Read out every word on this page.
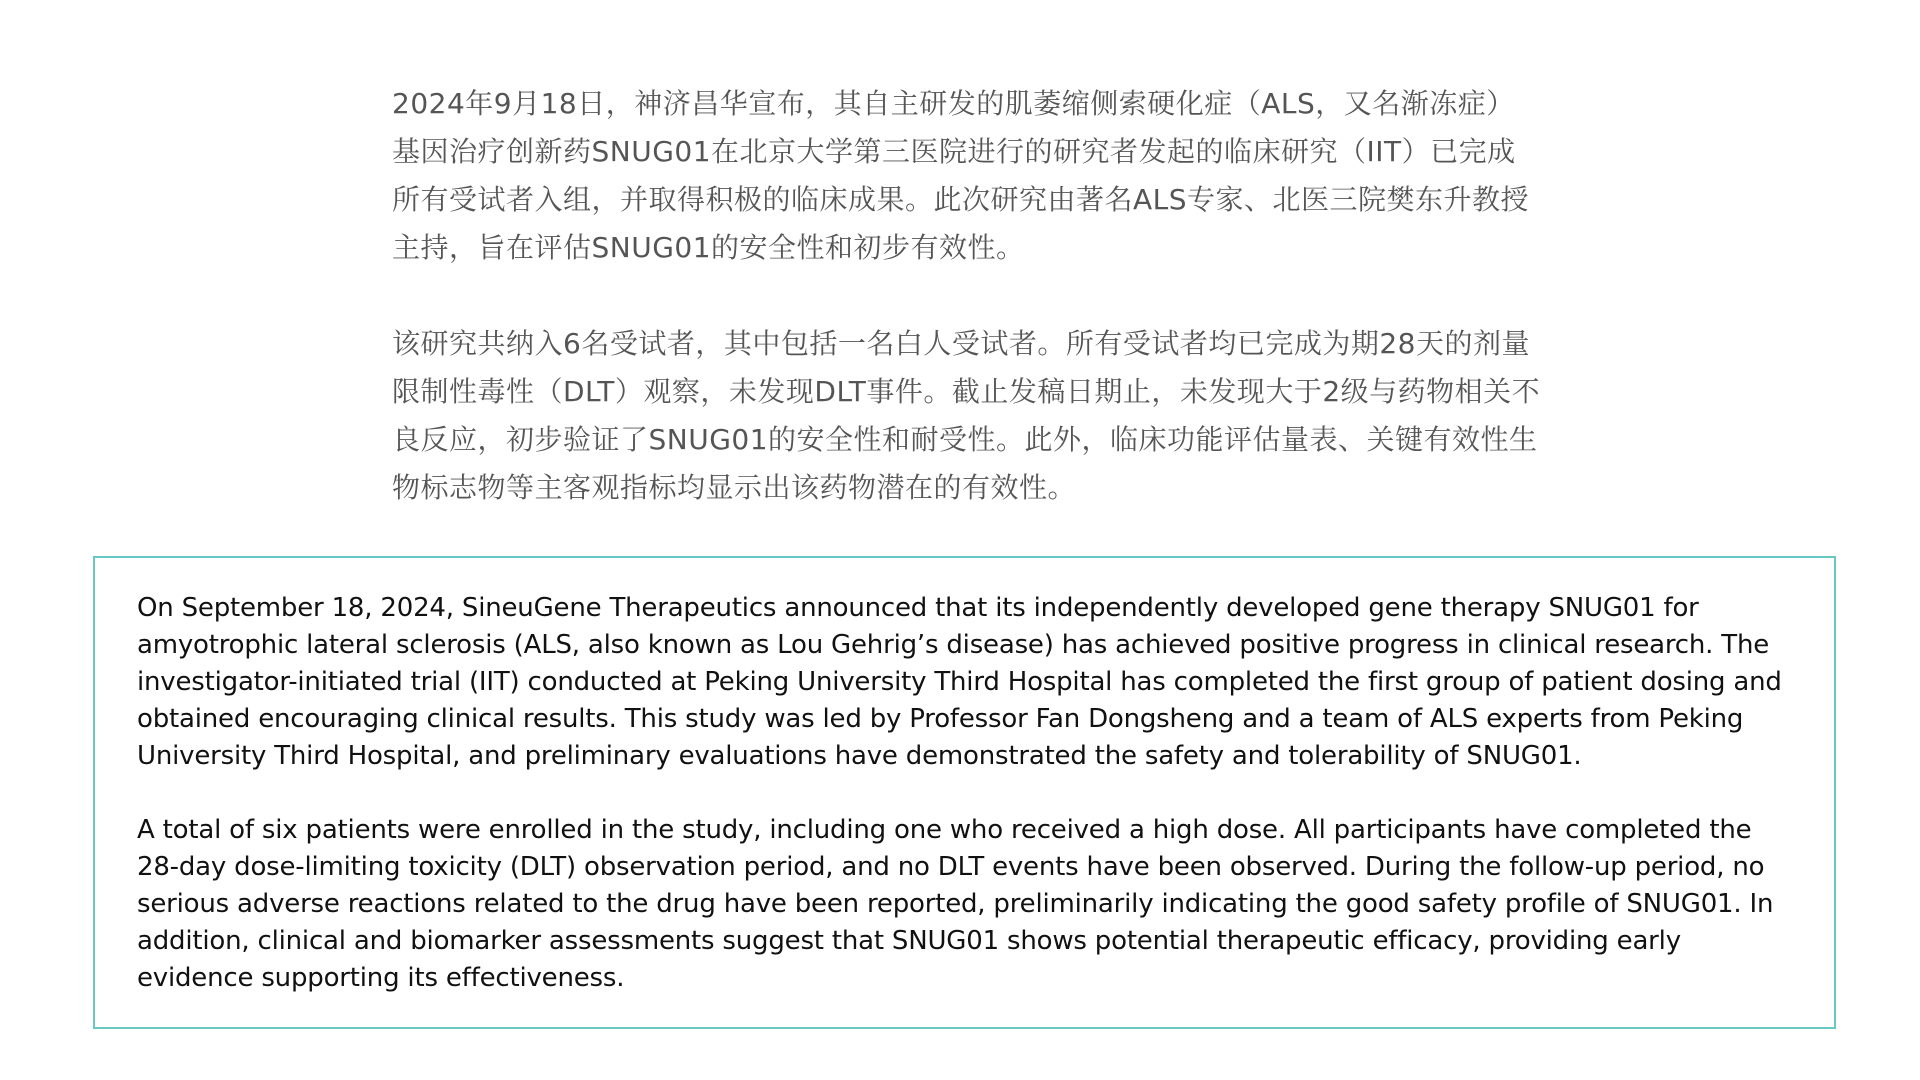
2024年9月18日，神济昌华宣布，其自主研发的肌萎缩侧索硬化症（ALS，又名渐冻症）基因治疗创新药SNUG01在北京大学第三医院进行的研究者发起的临床研究（IIT）已完成所有受试者入组，并取得积极的临床成果。此次研究由著名ALS专家、北医三院樊东升教授主持，旨在评估SNUG01的安全性和初步有效性。

该研究共纳入6名受试者，其中包括一名白人受试者。所有受试者均已完成为期28天的剂量限制性毒性（DLT）观察，未发现DLT事件。截止发稿日期止，未发现大于2级与药物相关不良反应，初步验证了SNUG01的安全性和耐受性。此外，临床功能评估量表、关键有效性生物标志物等主客观指标均显示出该药物潜在的有效性。

On September 18, 2024, SineuGene Therapeutics announced that its independently developed gene therapy SNUG01 for amyotrophic lateral sclerosis (ALS, also known as Lou Gehrig’s disease) has achieved positive progress in clinical research. The investigator-initiated trial (IIT) conducted at Peking University Third Hospital has completed the first group of patient dosing and obtained encouraging clinical results. This study was led by Professor Fan Dongsheng and a team of ALS experts from Peking University Third Hospital, and preliminary evaluations have demonstrated the safety and tolerability of SNUG01.

A total of six patients were enrolled in the study, including one who received a high dose. All participants have completed the 28-day dose-limiting toxicity (DLT) observation period, and no DLT events have been observed. During the follow-up period, no serious adverse reactions related to the drug have been reported, preliminarily indicating the good safety profile of SNUG01. In addition, clinical and biomarker assessments suggest that SNUG01 shows potential therapeutic efficacy, providing early evidence supporting its effectiveness.
